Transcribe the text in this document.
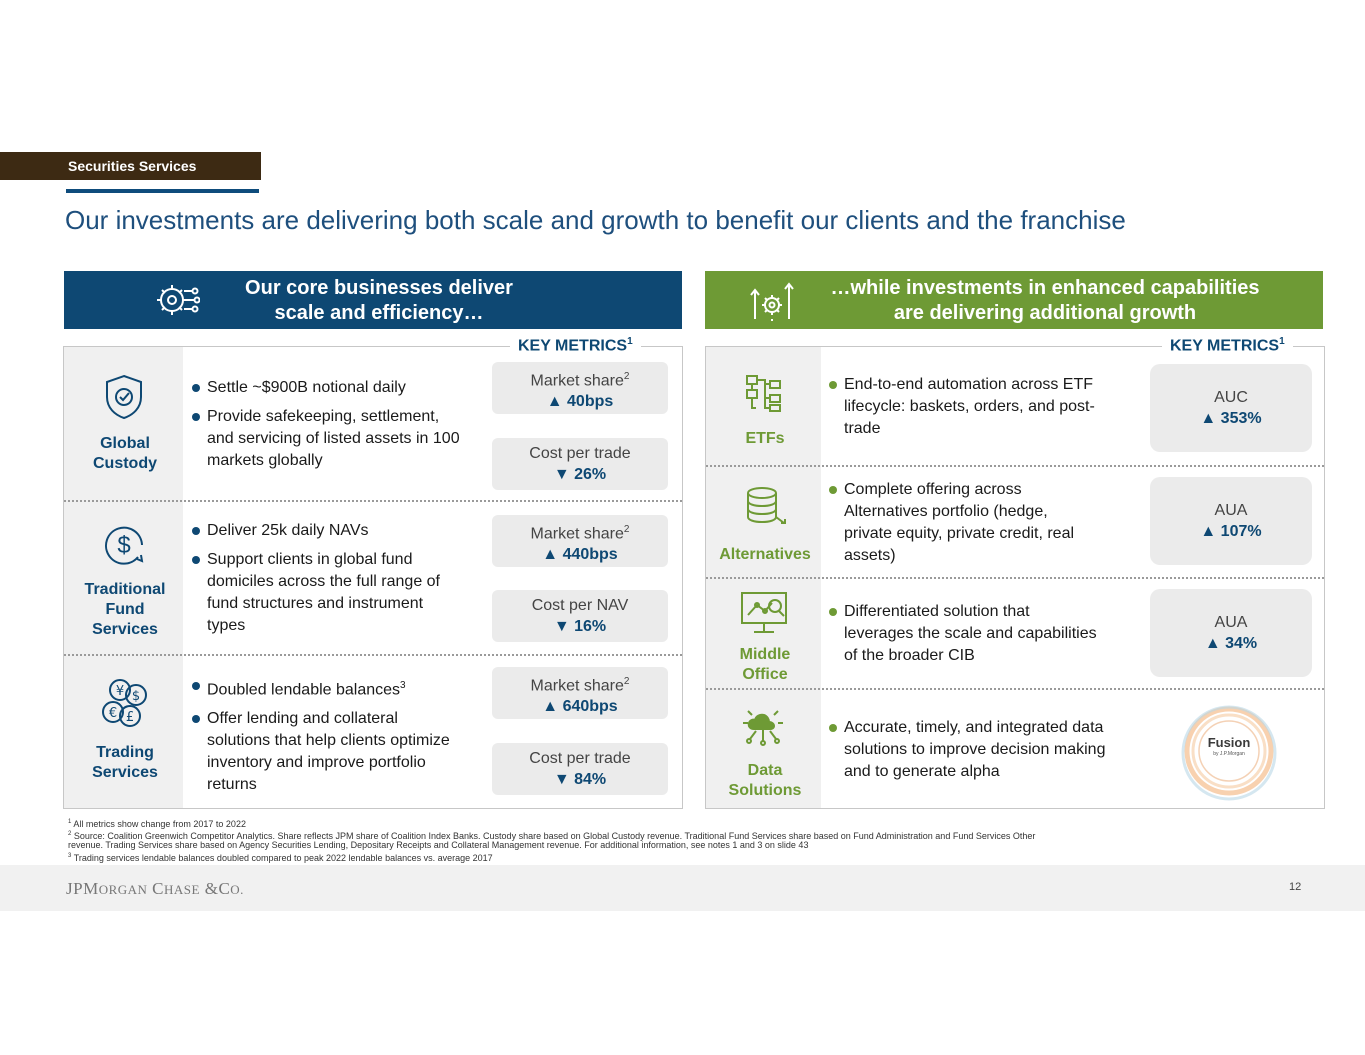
Securities Services
Our investments are delivering both scale and growth to benefit our clients and the franchise
Our core businesses deliver
scale and efficiency…
…while investments in enhanced capabilities
are delivering additional growth
KEY METRICS$^1$
Global
Custody
Settle ~$900B notional daily
Provide safekeeping, settlement, and servicing of listed assets in 100 markets globally
Market share$^2$
▲ 40bps
Cost per trade
▼ 26%
$
Traditional
Fund
Services
Deliver 25k daily NAVs
Support clients in global fund domiciles across the full range of fund structures and instrument types
Market share$^2$
▲ 440bps
Cost per NAV
▼ 16%
¥ $
€ £
Trading
Services
Doubled lendable balances$^3$
Offer lending and collateral solutions that help clients optimize inventory and improve portfolio returns
Market share$^2$
▲ 640bps
Cost per trade
▼ 84%
KEY METRICS$^1$
ETFs
End-to-end automation across ETF lifecycle: baskets, orders, and post-trade
AUC
▲ 353%
Alternatives
Complete offering across Alternatives portfolio (hedge, private equity, private credit, real assets)
AUA
▲ 107%
Middle
Office
Differentiated solution that leverages the scale and capabilities of the broader CIB
AUA
▲ 34%
Data
Solutions
Accurate, timely, and integrated data solutions to improve decision making and to generate alpha
Fusion
by J.P.Morgan
$^1$ All metrics show change from 2017 to 2022
$^2$ Source: Coalition Greenwich Competitor Analytics. Share reflects JPM share of Coalition Index Banks. Custody share based on Global Custody revenue. Traditional Fund Services share based on Fund Administration and Fund Services Other
revenue. Trading Services share based on Agency Securities Lending, Depositary Receipts and Collateral Management revenue. For additional information, see notes 1 and 3 on slide 43
$^3$ Trading services lendable balances doubled compared to peak 2022 lendable balances vs. average 2017
JPMORGAN CHASE &CO.	12
